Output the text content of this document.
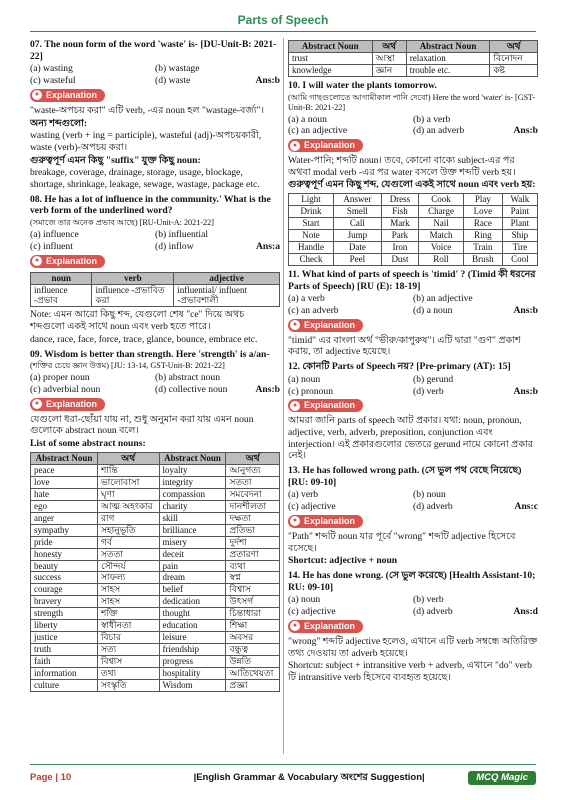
Parts of Speech
07. The noun form of the word 'waste' is- [DU-Unit-B: 2021-22]
(a) wasting	(b) wastage
(c) wasteful	(d) waste	Ans:b
● Explanation
"waste-অপচয় করা" এটি verb, -এর noun হল "wastage-বর্জ্য"।
অন্য শব্দগুলো:
wasting (verb + ing = participle), wasteful (adj)-অপচয়কারী, waste (verb)-অপচয় করা।
গুরুত্বপূর্ণ এমন কিছু "suffix" যুক্ত কিছু noun:
breakage, coverage, drainage, storage, usage, blockage, shortage, shrinkage, leakage, sewage, wastage, package etc.
08. He has a lot of influence in the community.' What is the verb form of the underlined word?
(সমাজে তার অনেক প্রভাব আছে) [RU-Unit-A: 2021-22]
(a) influence	(b) influential
(c) influent	(d) inflow	Ans:a
● Explanation
noun	verb	adjective
influence -প্রভাব	influence -প্রভাবিত করা	influential/ influent -প্রভাবশালী
Note: এমন আরো কিছু শব্দ, যেগুলো শেষ "ce" দিয়ে অথচ শব্দগুলো একই সাথে noun এবং verb হতে পারে।
dance, race, face, force, trace, glance, bounce, embrace etc.
09. Wisdom is better than strength. Here 'strength' is a/an-
(শক্তির চেয়ে জ্ঞান উত্তম) [JU: 13-14, GST-Unit-B: 2021-22]
(a) proper noun	(b) abstract noun
(c) adverbial noun	(d) collective noun	Ans:b
● Explanation
যেগুলো ধরা-ছোঁয়া যায় না, শুধু অনুমান করা যায় এমন noun গুলোকে abstract noun বলে।
List of some abstract nouns:
Abstract Noun	অর্থ	Abstract Noun	অর্থ
peace	শান্তি	loyalty	আনুগত্য
love	ভালোবাসা	integrity	সততা
hate	ঘৃণা	compassion	সমবেদনা
ego	আত্ম অহংকার	charity	দানশীলতা
anger	রাগ	skill	দক্ষতা
sympathy	সহানুভূতি	brilliance	প্রতিভা
pride	গর্ব	misery	দুর্দশা
honesty	সততা	deceit	প্রতারণা
beauty	সৌন্দর্য	pain	ব্যথা
success	সাফল্য	dream	স্বপ্ন
courage	সাহস	belief	বিশ্বাস
bravery	সাহস	dedication	উৎসর্গ
strength	শক্তি	thought	চিন্তাধারা
liberty	স্বাধীনতা	education	শিক্ষা
justice	বিচার	leisure	অবসর
truth	সত্য	friendship	বন্ধুত্ব
faith	বিশ্বাস	progress	উন্নতি
information	তথ্য	hospitality	আতিথেয়তা
culture	সংস্কৃতি	Wisdom	প্রজ্ঞা
Abstract Noun	অর্থ	Abstract Noun	অর্থ
trust	আস্থা	relaxation	বিনোদন
knowledge	জ্ঞান	trouble etc.	কষ্ট
10. I will water the plants tomorrow.
(আমি গাছগুলোতে আগামীকাল পানি দেবো) Here the word 'water' is- [GST-Unit-B: 2021-22]
(a) a noun	(b) a verb
(c) an adjective	(d) an adverb	Ans:b
● Explanation
Water-পানি; শব্দটি noun। তবে, কোনো বাক্যে subject-এর পর অথবা modal verb -এর পর water বসলে উক্ত শব্দটি verb হয়।
গুরুত্বপূর্ণ এমন কিছু শব্দ, যেগুলো একই সাথে noun এবং verb হয়:
Light	Answer	Dress	Cook	Play	Walk
Drink	Smell	Fish	Charge	Love	Paint
Start	Call	Mark	Nail	Race	Plant
Note	Jump	Park	Match	Ring	Ship
Handle	Date	Iron	Voice	Train	Tire
Check	Peel	Dust	Roll	Brush	Cool
11. What kind of parts of speech is 'timid' ? (Timid কী ধরনের Parts of Speech) [RU (E): 18-19]
(a) a verb	(b) an adjective
(c) an adverb	(d) a noun	Ans:b
● Explanation
"timid" এর বাংলা অর্থ "ভীরু/কাপুরুষ"। এটি দ্বারা "গুণ" প্রকাশ করায়, তা adjective হয়েছে।
12. কোনটি Parts of Speech নয়? [Pre-primary (AT): 15]
(a) noun	(b) gerund
(c) pronoun	(d) verb	Ans:b
● Explanation
আমরা জানি parts of speech আট প্রকার। যথা: noun, pronoun, adjective, verb, adverb, preposition, conjunction এবং interjection। এই প্রকারগুলোর ভেতরে gerund নামে কোনো প্রকার নেই।
13. He has followed wrong path. (সে ভুল পথ বেছে নিয়েছে) [RU: 09-10]
(a) verb	(b) noun
(c) adjective	(d) adverb	Ans:c
● Explanation
"Path" শব্দটি noun যার পূর্বে "wrong" শব্দটি adjective হিসেবে বসেছে।
Shortcut: adjective + noun
14. He has done wrong. (সে ভুল করেছে) [Health Assistant-10; RU: 09-10]
(a) noun	(b) verb
(c) adjective	(d) adverb	Ans:d
● Explanation
"wrong" শব্দটি adjective হলেও, এখানে এটি verb সম্বন্ধে অতিরিক্ত তথ্য দেওয়ায় তা adverb হয়েছে।
Shortcut: subject + intransitive verb + adverb, এখানে "do" verb টি intransitive verb হিসেবে ব্যবহৃত হয়েছে।
Page | 10	|English Grammar & Vocabulary অংশের Suggestion|	MCQ Magic
